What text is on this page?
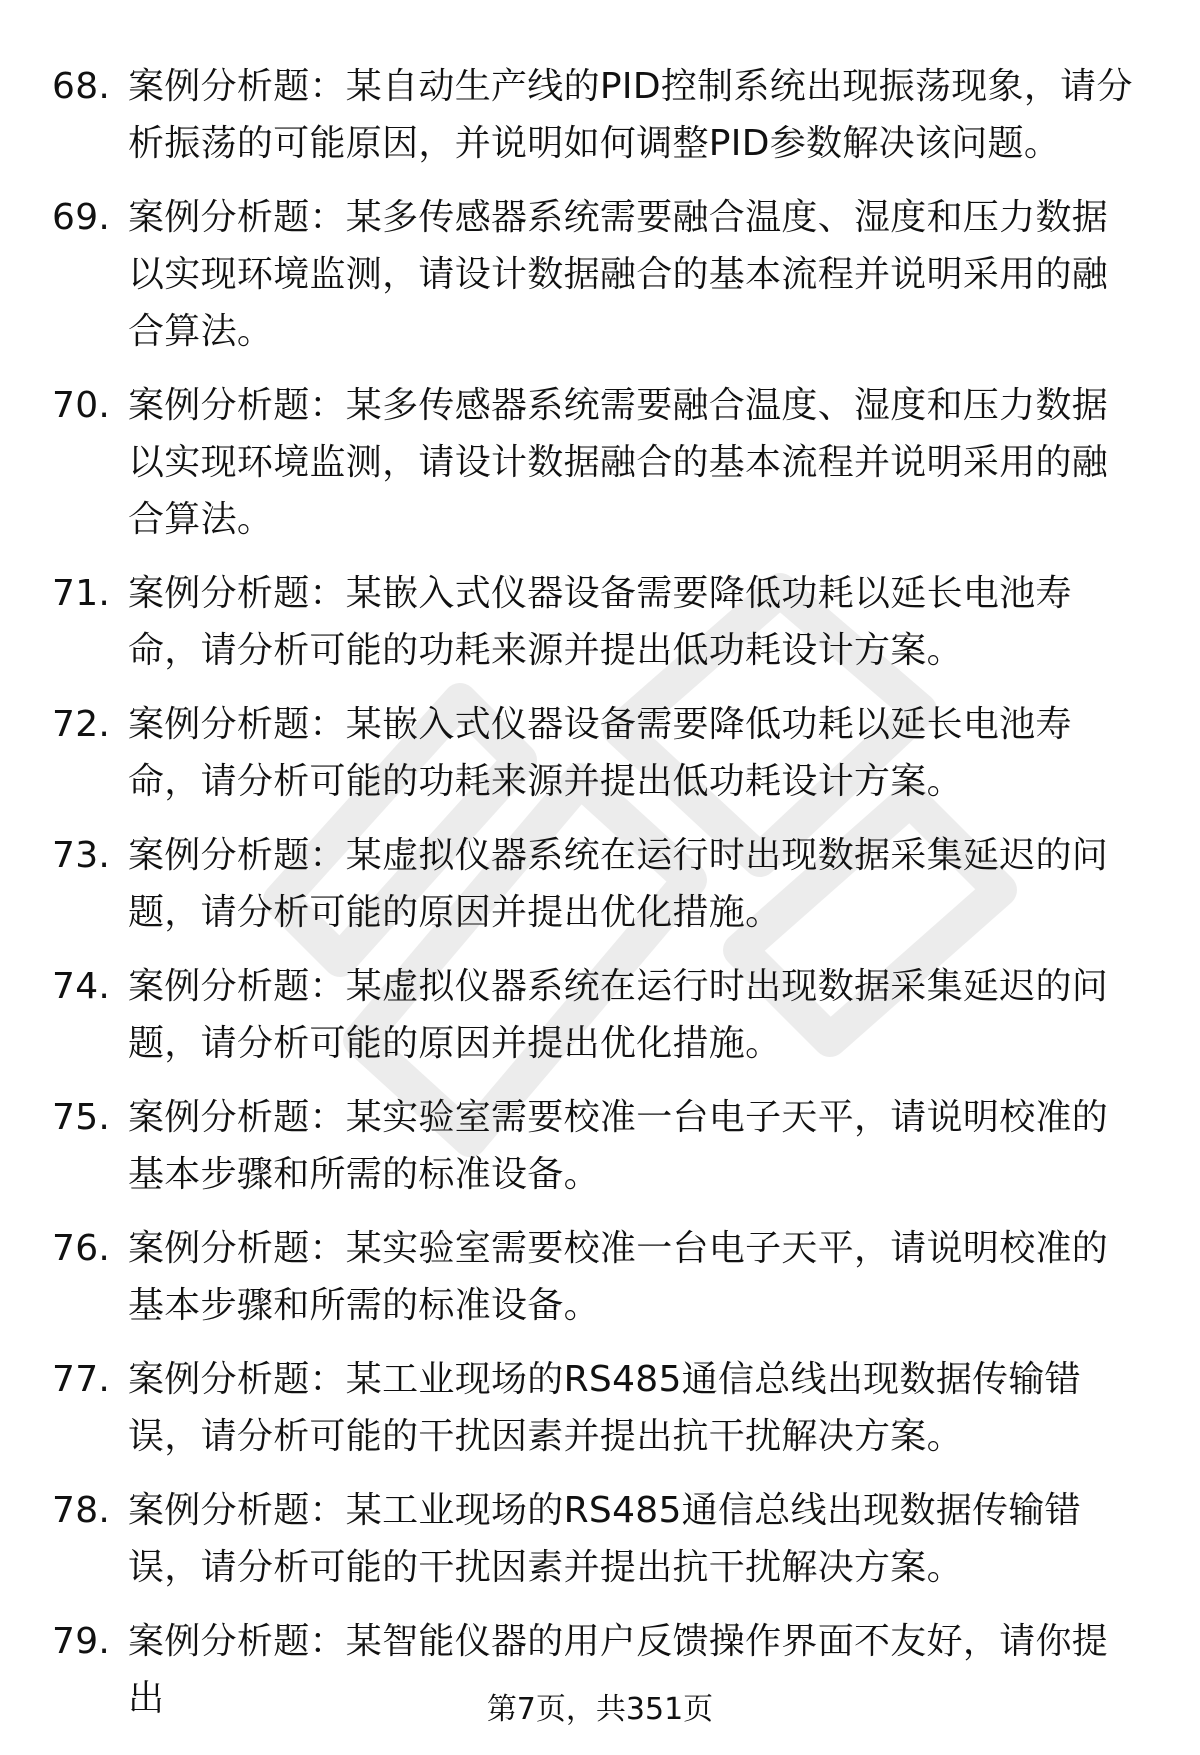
68. 案例分析题：某自动生产线的PID控制系统出现振荡现象，请分析振荡的可能原因，并说明如何调整PID参数解决该问题。
69. 案例分析题：某多传感器系统需要融合温度、湿度和压力数据以实现环境监测，请设计数据融合的基本流程并说明采用的融合算法。
70. 案例分析题：某多传感器系统需要融合温度、湿度和压力数据以实现环境监测，请设计数据融合的基本流程并说明采用的融合算法。
71. 案例分析题：某嵌入式仪器设备需要降低功耗以延长电池寿命，请分析可能的功耗来源并提出低功耗设计方案。
72. 案例分析题：某嵌入式仪器设备需要降低功耗以延长电池寿命，请分析可能的功耗来源并提出低功耗设计方案。
73. 案例分析题：某虚拟仪器系统在运行时出现数据采集延迟的问题，请分析可能的原因并提出优化措施。
74. 案例分析题：某虚拟仪器系统在运行时出现数据采集延迟的问题，请分析可能的原因并提出优化措施。
75. 案例分析题：某实验室需要校准一台电子天平，请说明校准的基本步骤和所需的标准设备。
76. 案例分析题：某实验室需要校准一台电子天平，请说明校准的基本步骤和所需的标准设备。
77. 案例分析题：某工业现场的RS485通信总线出现数据传输错误，请分析可能的干扰因素并提出抗干扰解决方案。
78. 案例分析题：某工业现场的RS485通信总线出现数据传输错误，请分析可能的干扰因素并提出抗干扰解决方案。
79. 案例分析题：某智能仪器的用户反馈操作界面不友好，请你提出	第7页，共351页
